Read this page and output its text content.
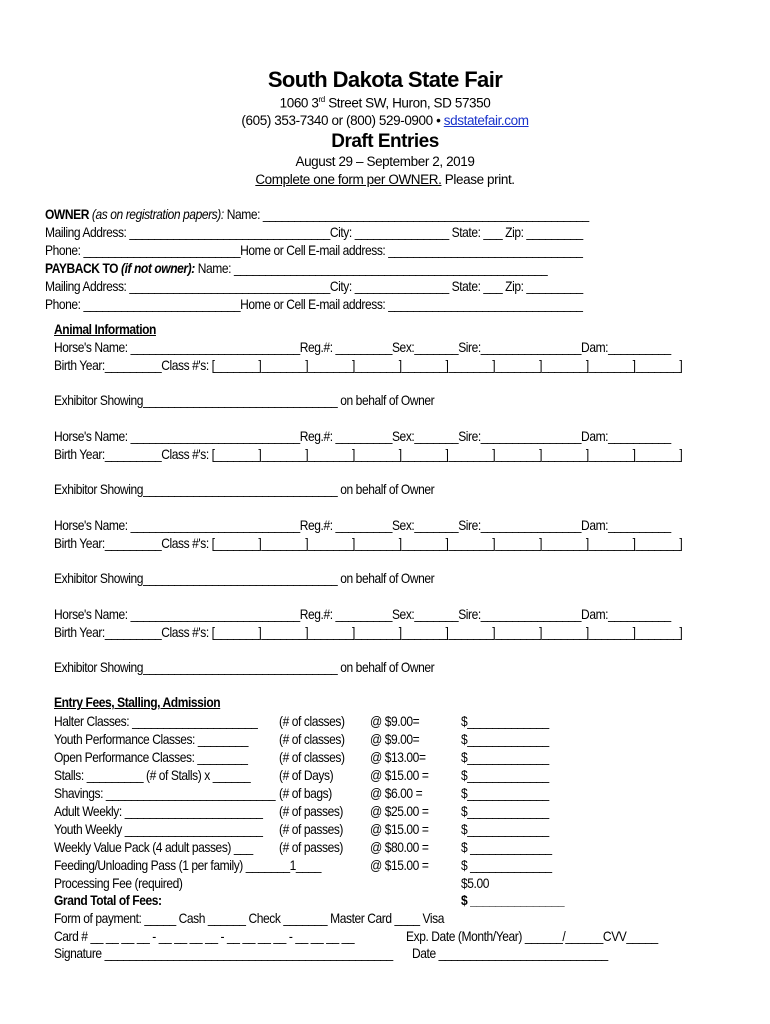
South Dakota State Fair
1060 3rd Street SW, Huron, SD 57350
(605) 353-7340 or (800) 529-0900 • sdstatefair.com
Draft Entries
August 29 – September 2, 2019
Complete one form per OWNER. Please print.
OWNER (as on registration papers): Name: ____________________________________________________
Mailing Address: ________________________________City: _______________ State: ___ Zip: _________
Phone: _________________________Home or Cell E-mail address: _______________________________
PAYBACK TO (if not owner): Name: __________________________________________________
Mailing Address: ________________________________City: _______________ State: ___ Zip: _________
Phone: _________________________Home or Cell E-mail address: _______________________________
Animal Information
Horse's Name: ___________________________Reg.#: _________Sex:_______Sire:________________Dam:__________
Birth Year:_________Class #'s: [_______]_______]_______]_______]_______]_______]_______]_______]_______]_______]
Exhibitor Showing_______________________________ on behalf of Owner
Horse's Name: ___________________________Reg.#: _________Sex:_______Sire:________________Dam:__________
Birth Year:_________Class #'s: [_______]_______]_______]_______]_______]_______]_______]_______]_______]_______]
Exhibitor Showing_______________________________ on behalf of Owner
Horse's Name: ___________________________Reg.#: _________Sex:_______Sire:________________Dam:__________
Birth Year:_________Class #'s: [_______]_______]_______]_______]_______]_______]_______]_______]_______]_______]
Exhibitor Showing_______________________________ on behalf of Owner
Horse's Name: ___________________________Reg.#: _________Sex:_______Sire:________________Dam:__________
Birth Year:_________Class #'s: [_______]_______]_______]_______]_______]_______]_______]_______]_______]_______]
Exhibitor Showing_______________________________ on behalf of Owner
Entry Fees, Stalling, Admission

Halter Classes: ____________________ (# of classes) @ $9.00=	$_____________

Youth Performance Classes: ________ (# of classes) @ $9.00=	$_____________

Open Performance Classes: ________ (# of classes) @ $13.00=	$_____________

Stalls: _________ (# of Stalls) x ______ (# of Days)	@ $15.00 = $_____________

Shavings: ___________________________ (# of bags)	@ $6.00 =	$_____________

Adult Weekly: ______________________ (# of passes) @ $25.00 = $_____________

Youth Weekly ______________________ (# of passes) @ $15.00 = $_____________

Weekly Value Pack (4 adult passes) ___ (# of passes) @ $80.00 = $ _____________

Feeding/Unloading Pass (1 per family) _______1____	@ $15.00 = $ _____________

Processing Fee (required)	$5.00

Grand Total of Fees:	$ _______________

Form of payment: _____ Cash ______ Check _______ Master Card ____ Visa
Card # __ __ __ __ - __ __ __ __ - __ __ __ __ - __ __ __ __	Exp. Date (Month/Year) ______/______CVV_____
Signature ______________________________________________ Date ___________________________
